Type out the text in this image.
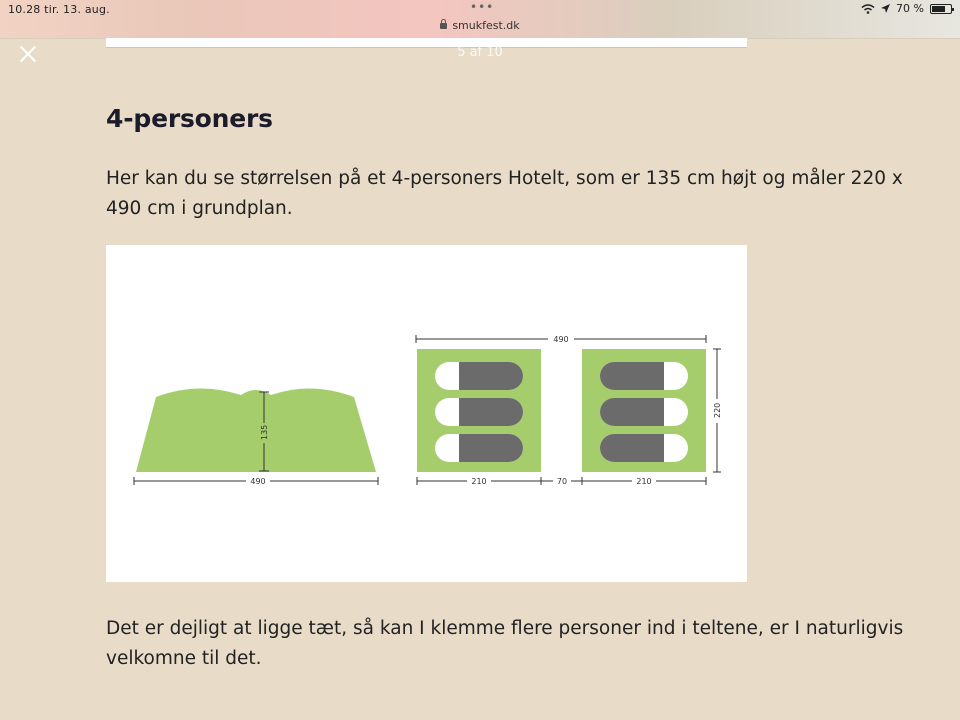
10.28 tir. 13. aug.	•••
smukfest.dk
70 %
5 af 10
4-personers

Her kan du se størrelsen på et 4-personers Hotelt, som er 135 cm højt og måler 220 x 490 cm i grundplan.

135
490
490
220
210	70	210

Det er dejligt at ligge tæt, så kan I klemme flere personer ind i teltene, er I naturligvis velkomne til det.
